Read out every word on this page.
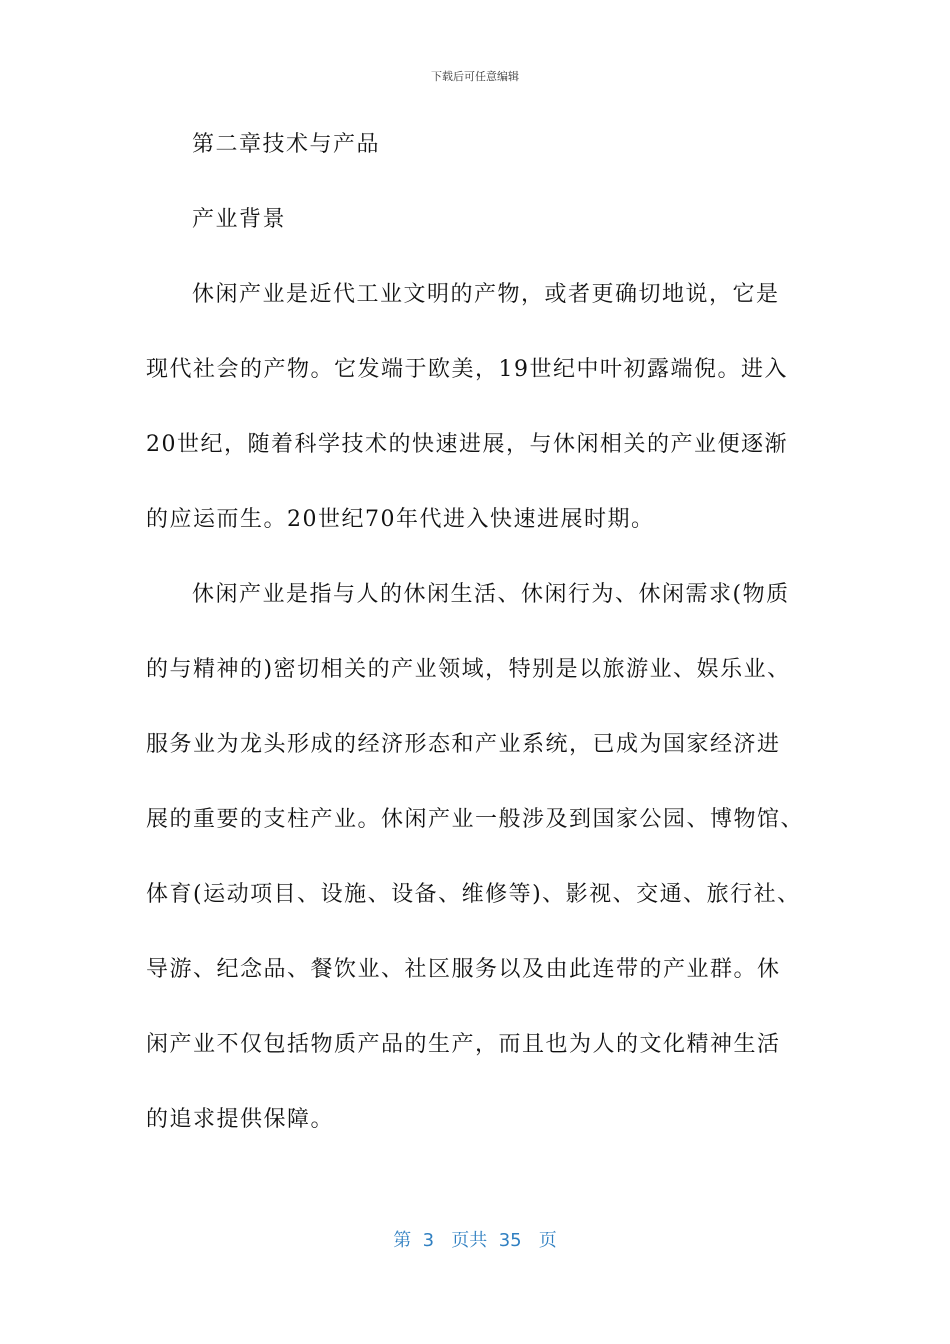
下载后可任意编辑
第二章技术与产品
产业背景
休闲产业是近代工业文明的产物，或者更确切地说，它是
现代社会的产物。它发端于欧美，19世纪中叶初露端倪。进入
20世纪，随着科学技术的快速进展，与休闲相关的产业便逐渐
的应运而生。20世纪70年代进入快速进展时期。
休闲产业是指与人的休闲生活、休闲行为、休闲需求(物质
的与精神的)密切相关的产业领域，特别是以旅游业、娱乐业、
服务业为龙头形成的经济形态和产业系统，已成为国家经济进
展的重要的支柱产业。休闲产业一般涉及到国家公园、博物馆、
体育(运动项目、设施、设备、维修等)、影视、交通、旅行社、
导游、纪念品、餐饮业、社区服务以及由此连带的产业群。休
闲产业不仅包括物质产品的生产，而且也为人的文化精神生活
的追求提供保障。
第  3   页共  35   页
